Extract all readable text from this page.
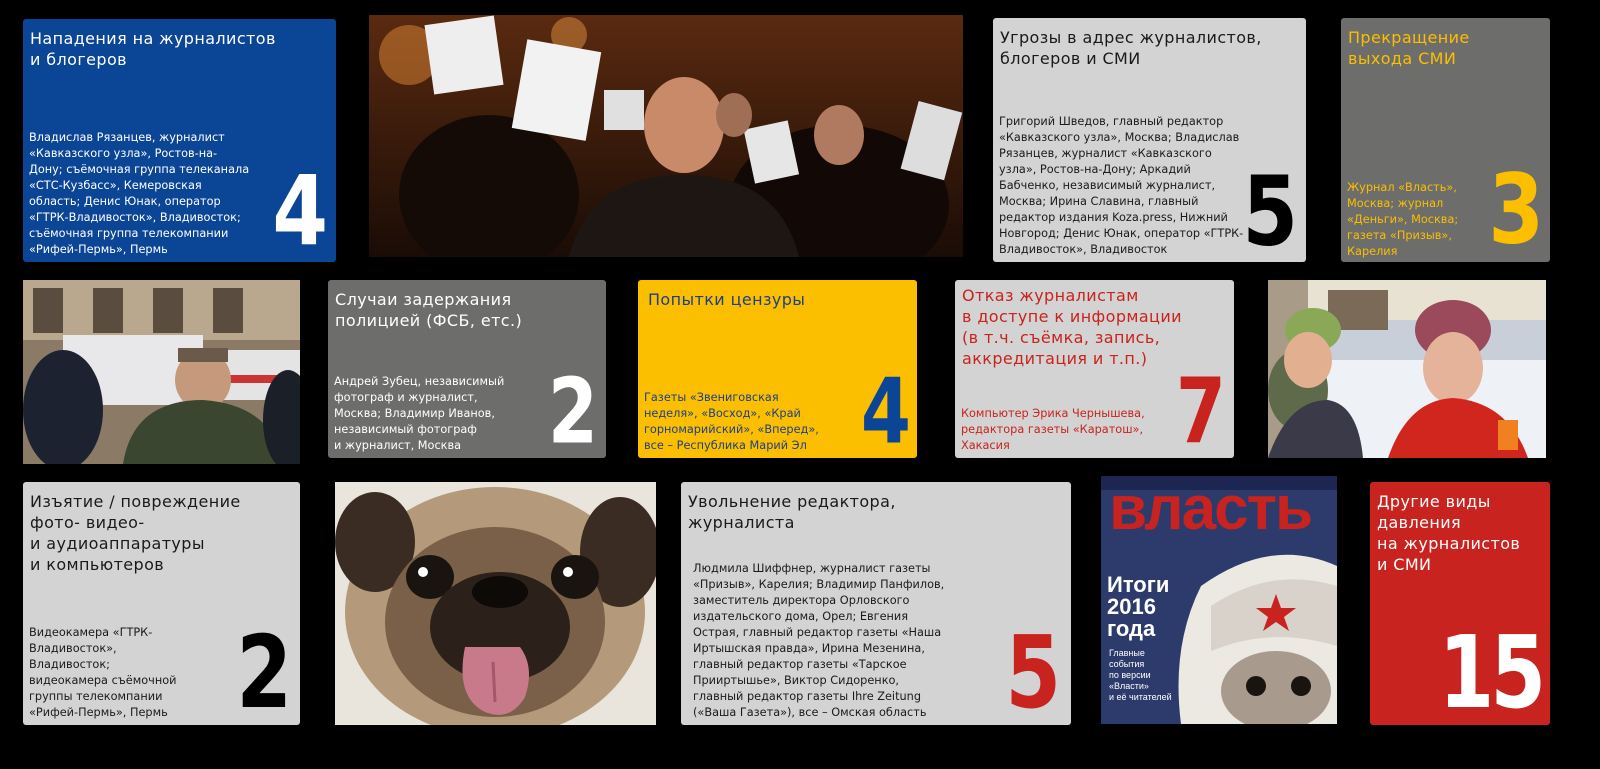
Нападения на журналистов
и блогеров
Владислав Рязанцев, журналист
«Кавказского узла», Ростов-на-
Дону; съёмочная группа телеканала
«СТС-Кузбасс», Кемеровская
область; Денис Юнак, оператор
«ГТРК-Владивосток», Владивосток;
съёмочная группа телекомпании
«Рифей-Пермь», Пермь	4
Угрозы в адрес журналистов,
блогеров и СМИ
Григорий Шведов, главный редактор
«Кавказского узла», Москва; Владислав
Рязанцев, журналист «Кавказского
узла», Ростов-на-Дону; Аркадий
Бабченко, независимый журналист,
Москва; Ирина Славина, главный
редактор издания Koza.press, Нижний
Новгород; Денис Юнак, оператор «ГТРК-
Владивосток», Владивосток 5
Прекращение
выхода СМИ
Журнал «Власть»,
Москва; журнал
«Деньги», Москва;
газета «Призыв»,
Карелия	3
Случаи задержания
полицией (ФСБ, етс.)
Андрей Зубец, независимый
фотограф и журналист,
Москва; Владимир Иванов,
независимый фотограф
и журналист, Москва	2
Попытки цензуры
Газеты «Звениговская
неделя», «Восход», «Край
горномарийский», «Вперед»,
все – Республика Марий Эл 4
Отказ журналистам
в доступе к информации
(в т.ч. съёмка, запись,
аккредитация и т.п.)
Компьютер Эрика Чернышева,
редактора газеты «Каратош»,
Хакасия	7
Изъятие / повреждение
фото- видео-
и аудиоаппаратуры
и компьютеров
Видеокамера «ГТРК-
Владивосток»,
Владивосток;
видеокамера съёмочной
группы телекомпании
«Рифей-Пермь», Пермь 2
Увольнение редактора,
журналиста
Людмила Шиффнер, журналист газеты
«Призыв», Карелия; Владимир Панфилов,
заместитель директора Орловского
издательского дома, Орел; Евгения
Острая, главный редактор газеты «Наша
Иртышская правда», Ирина Мезенина,
главный редактор газеты «Тарское
Прииртышье», Виктор Сидоренко,
главный редактор газеты Ihre Zeitung
(«Ваша Газета»), все – Омская область 5
власть
Итоги
2016
года
Главные
события
по версии
«Власти»
и её читателей
Другие виды
давления
на журналистов
и СМИ
15
